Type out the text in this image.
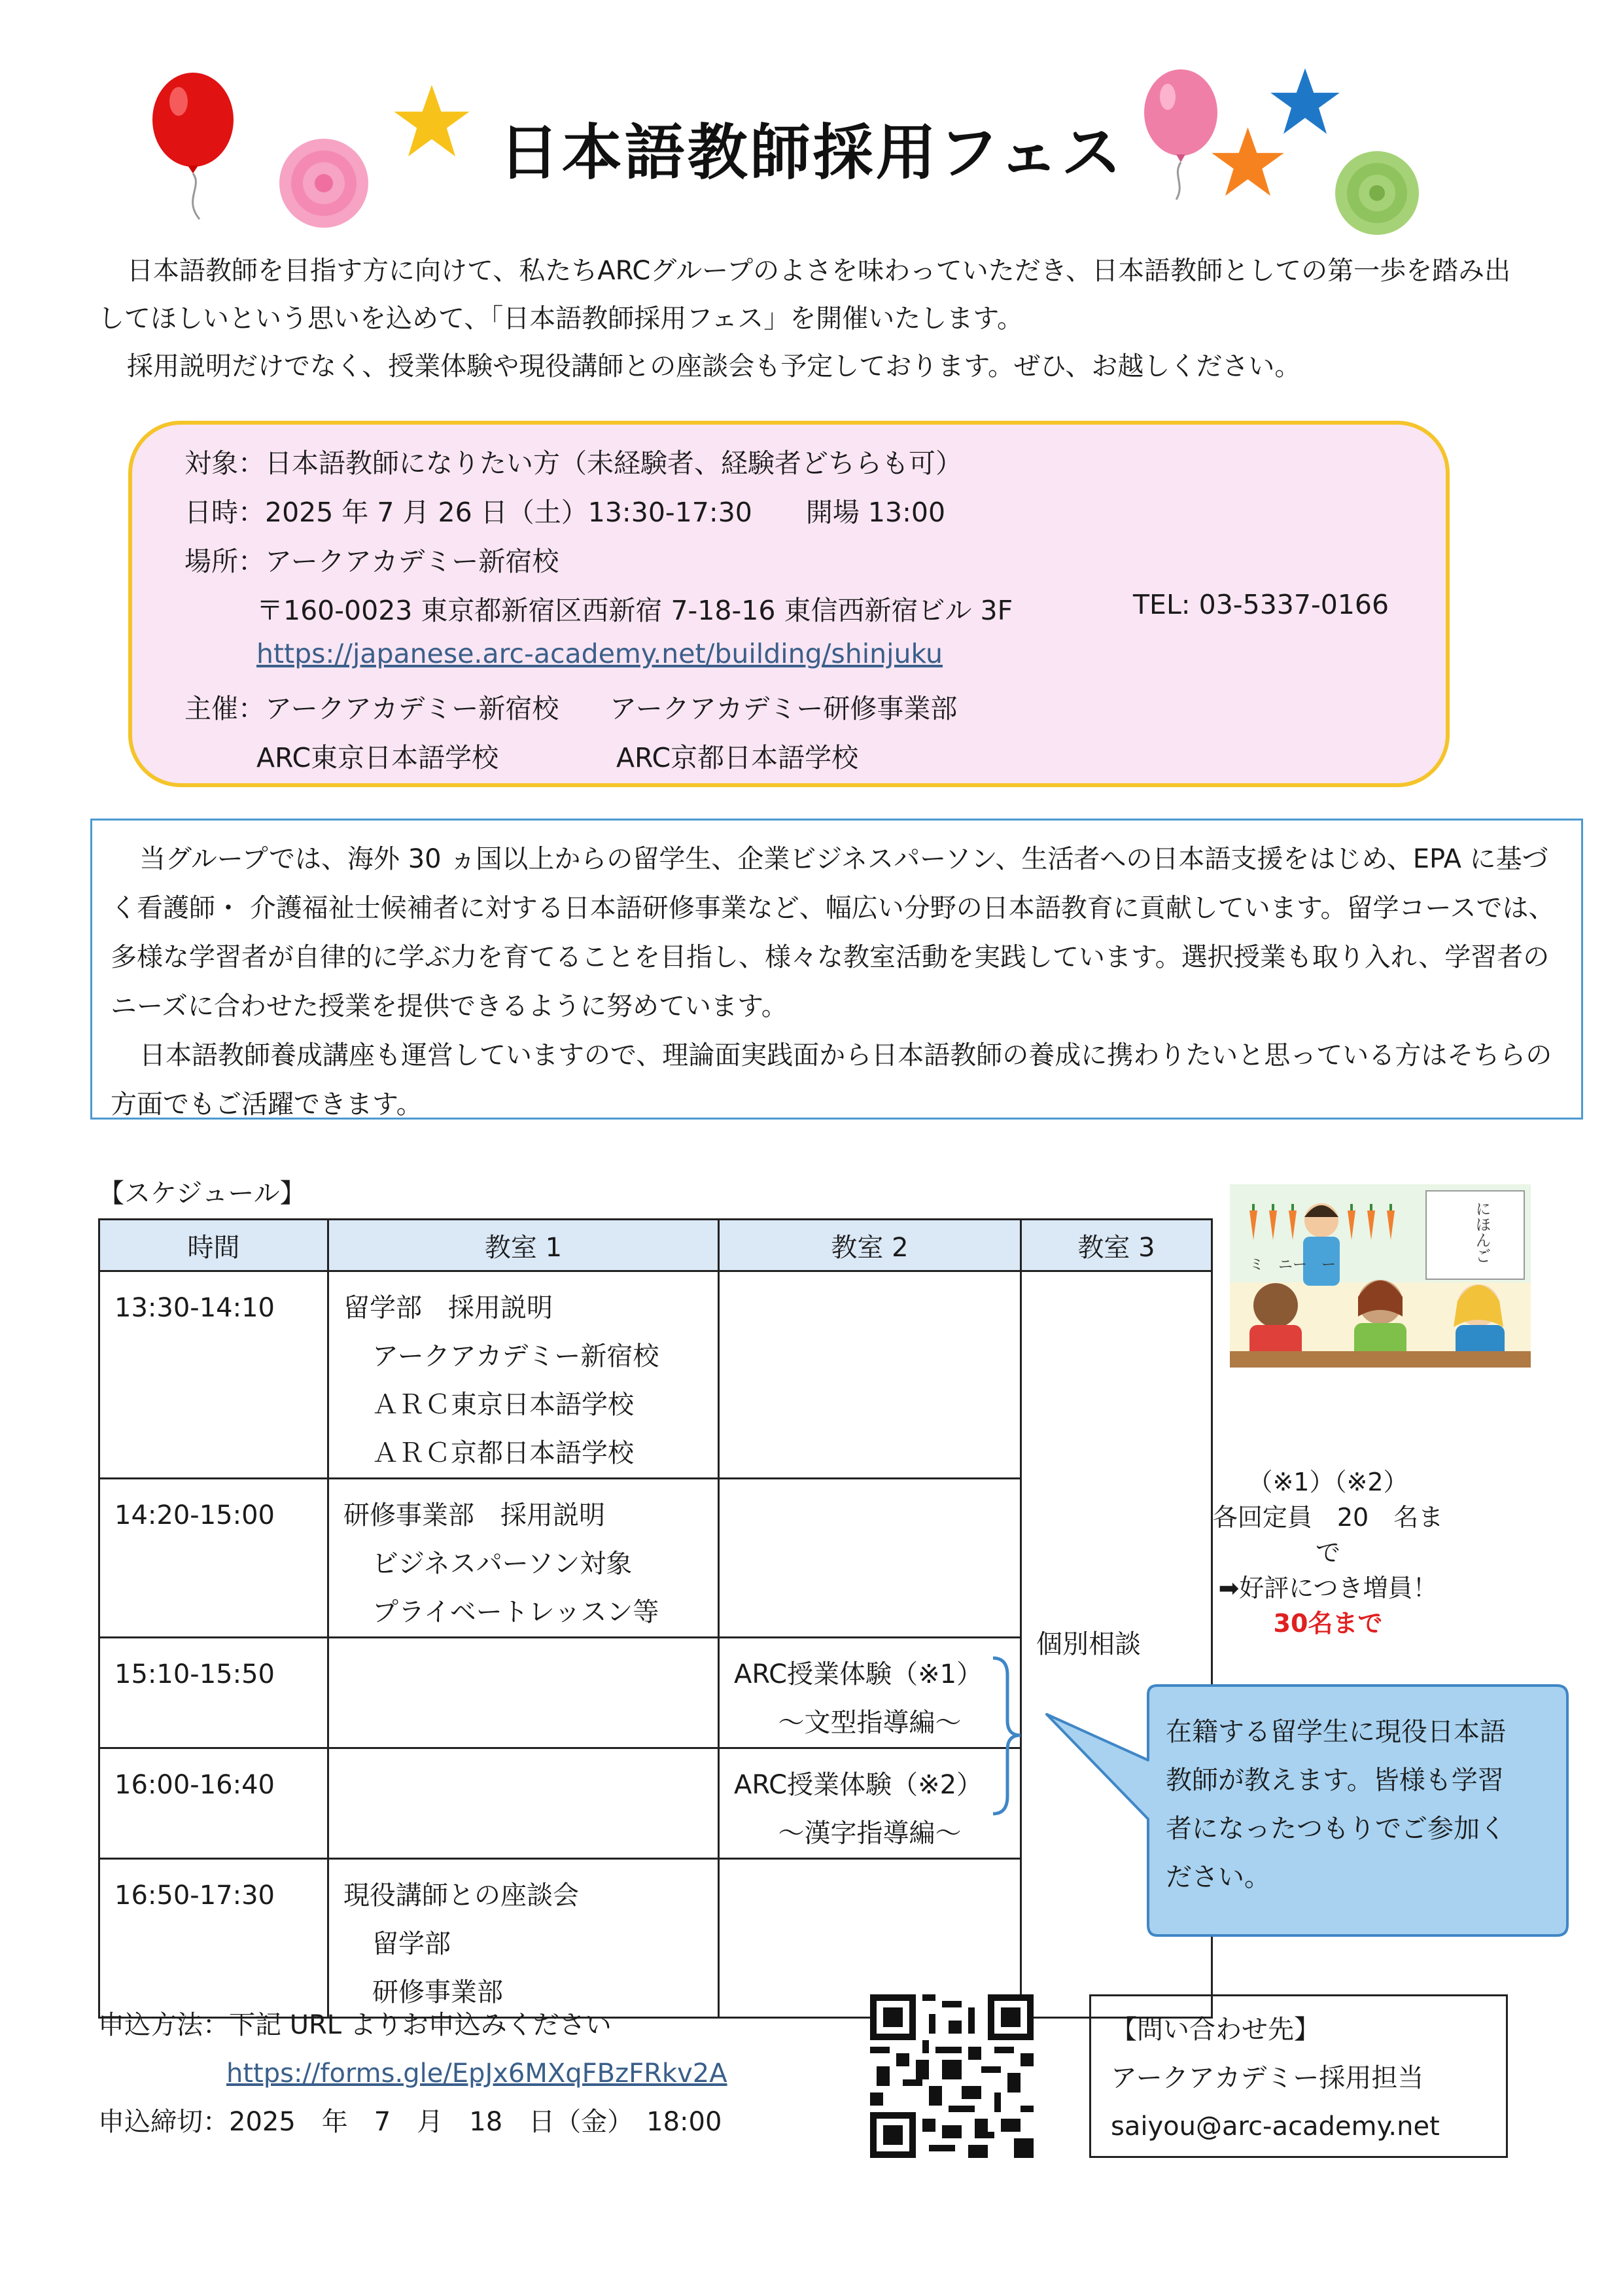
日本語教師採用フェス

日本語教師を目指す方に向けて、私たちARCグループのよさを味わっていただき、日本語教師としての第一歩を踏み出してほしいという思いを込めて、「日本語教師採用フェス」を開催いたします。

採用説明だけでなく、授業体験や現役講師との座談会も予定しております。ぜひ、お越しください。

対象：日本語教師になりたい方（未経験者、経験者どちらも可）
日時：2025 年 7 月 26 日（土）13:30-17:30　　開場 13:00
場所：アークアカデミー新宿校
〒160-0023 東京都新宿区西新宿 7-18-16 東信西新宿ビル 3F	TEL: 03-5337-0166
https://japanese.arc-academy.net/building/shinjuku
主催：アークアカデミー新宿校 アークアカデミー研修事業部
ARC東京日本語学校	ARC京都日本語学校

当グループでは、海外 30 ヵ国以上からの留学生、企業ビジネスパーソン、生活者への日本語支援をはじめ、EPA に基づく看護師・ 介護福祉士候補者に対する日本語研修事業など、幅広い分野の日本語教育に貢献しています。留学コースでは、多様な学習者が自律的に学ぶ力を育てることを目指し、様々な教室活動を実践しています。選択授業も取り入れ、学習者のニーズに合わせた授業を提供できるように努めています。

日本語教師養成講座も運営していますので、理論面実践面から日本語教師の養成に携わりたいと思っている方はそちらの方面でもご活躍できます。

【スケジュール】
時間	教室 1	教室 2	教室 3

13:30-14:10	留学部　採用説明
アークアカデミー新宿校
ＡＲＣ東京日本語学校
ＡＲＣ京都日本語学校		個別相談

14:20-15:00	研修事業部　採用説明
ビジネスパーソン対象
プライベートレッスン等		

15:10-15:50		ARC授業体験（※1）
～文型指導編～	

16:00-16:40		ARC授業体験（※2）
～漢字指導編～	

16:50-17:30	現役講師との座談会
留学部
研修事業部		

にほんご
ミ　ニー　ー
（※1）（※2）
各回定員　20　名まで
➡好評につき増員！
30名まで
在籍する留学生に現役日本語教師が教えます。皆様も学習者になったつもりでご参加ください。
申込方法：下記 URL よりお申込みください
https://forms.gle/EpJx6MXqFBzFRkv2A
申込締切：2025　年　7　月　18　日（金）　18:00
【問い合わせ先】
アークアカデミー採用担当
saiyou@arc-academy.net
